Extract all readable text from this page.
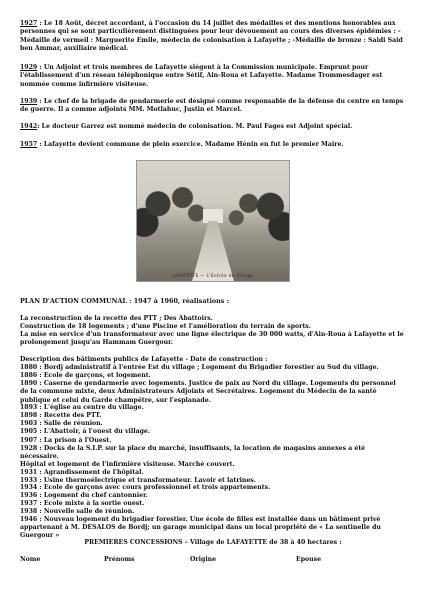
1927 : Le 18 Août, décret accordant, à l'occasion du 14 juillet des médailles et des mentions honorables aux personnes qui se sont particulièrement distinguées pour leur dévouement au cours des diverses épidémies : -Médaille de vermeil : Marguerite Emile, médecin de colonisation à Lafayette ; -Médaille de bronze : Saidi Said ben Ammar, auxiliaire médical.
1929 : Un Adjoint et trois membres de Lafayette siègent à la Commission municipale. Emprunt pour l'établissement d'un réseau téléphonique entre Sétif, Ain-Roua et Lafayette. Madame Trommesdager est nommée comme infirmière visiteuse.
1939 : Le chef de la brigade de gendarmerie est désigné comme responsable de la défense du centre en temps de guerre. Il a comme adjoints MM. Motlahuc, Justin et Marcel.
1942: Le docteur Garrez est nommé médecin de colonisation. M. Paul Fages est Adjoint spécial.
1957 : Lafayette devient commune de plein exercice. Madame Hénin en fut le premier Maire.
LAFAYETTE — L'Entrée du Village
PLAN D'ACTION COMMUNAL : 1947 à 1960, réalisations :
La reconstruction de la recette des PTT ; Des Abattoirs.
Construction de 18 logements ; d'une Piscine et l'amélioration du terrain de sports.
La mise en service d'un transformateur avec une ligne électrique de 30 000 watts, d'Ain-Roua à Lafayette et le prolongement jusqu'au Hammam Guergour.
Description des bâtiments publics de Lafayette - Date de construction :
1880 : Bordj administratif à l'entrée Est du village ; Logement du Brigadier forestier au Sud du village.
1886 : Ecole de garçons, et logement.
1890 : Caserne de gendarmerie avec logements. Justice de paix au Nord du village. Logements du personnel de la commune mixte, deux Administrateurs Adjoints et Secrétaires. Logement du Médecin de la santé publique et celui du Garde champêtre, sur l'esplanade.
1893 : L'église au centre du village.
1898 : Recette des PTT.
1903 : Salle de réunion.
1905 : L'Abattoir, à l'ouest du village.
1907 : La prison à l'Ouest.
1928 : Docks de la S.I.P. sur la place du marché, insuffisants, la location de magasins annexes a été nécessaire.
Hôpital et logement de l'infirmière visiteuse. Marché couvert.
1931 : Agrandissement de l'hôpital.
1933 : Usine thermoélectrique et transformateur. Lavoir et latrines.
1934 : Ecole de garçons avec cours professionnel et trois appartements.
1936 : Logement du chef cantonnier.
1937 : Ecole mixte à la sortie ouest.
1938 : Nouvelle salle de réunion.
1946 : Nouveau logement du brigadier forestier. Une école de filles est installée dans un bâtiment privé appartenant à M. DESALOS de Bordj; un garage municipal dans un local propriété de « La sentinelle du Guergour »
PREMIERES CONCESSIONS – Village de LAFAYETTE de 38 à 40 hectares :
Nome	Prénoms	Origine	Epouse
